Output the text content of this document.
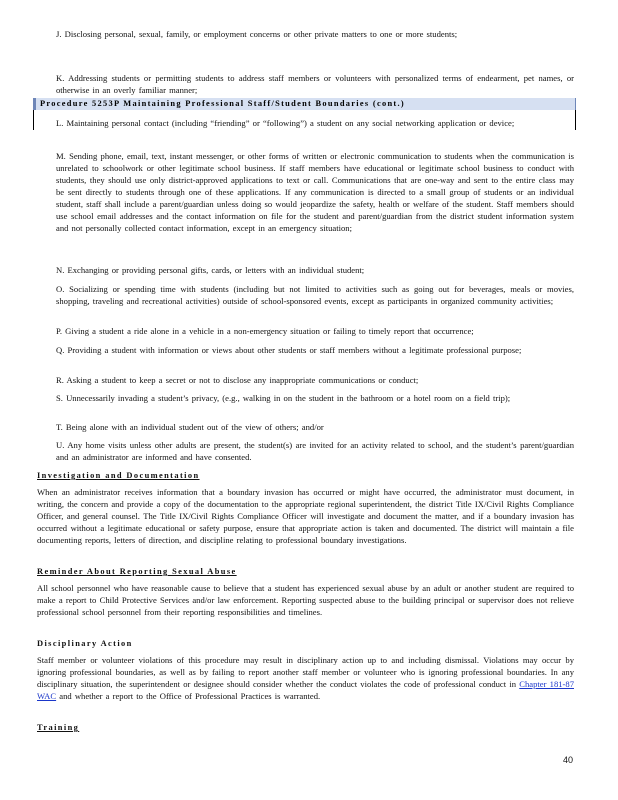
J. Disclosing personal, sexual, family, or employment concerns or other private matters to one or more students;

K. Addressing students or permitting students to address staff members or volunteers with personalized terms of endearment, pet names, or otherwise in an overly familiar manner;

Procedure 5253P Maintaining Professional Staff/Student Boundaries (cont.)

L. Maintaining personal contact (including “friending” or “following”) a student on any social networking application or device;

M. Sending phone, email, text, instant messenger, or other forms of written or electronic communication to students when the communication is unrelated to schoolwork or other legitimate school business. If staff members have educational or legitimate school business to conduct with students, they should use only district-approved applications to text or call. Communications that are one-way and sent to the entire class may be sent directly to students through one of these applications. If any communication is directed to a small group of students or an individual student, staff shall include a parent/guardian unless doing so would jeopardize the safety, health or welfare of the student. Staff members should use school email addresses and the contact information on file for the student and parent/guardian from the district student information system and not personally collected contact information, except in an emergency situation;

N. Exchanging or providing personal gifts, cards, or letters with an individual student;

O. Socializing or spending time with students (including but not limited to activities such as going out for beverages, meals or movies, shopping, traveling and recreational activities) outside of school-sponsored events, except as participants in organized community activities;

P. Giving a student a ride alone in a vehicle in a non-emergency situation or failing to timely report that occurrence;

Q. Providing a student with information or views about other students or staff members without a legitimate professional purpose;

R. Asking a student to keep a secret or not to disclose any inappropriate communications or conduct;

S. Unnecessarily invading a student’s privacy, (e.g., walking in on the student in the bathroom or a hotel room on a field trip);

T. Being alone with an individual student out of the view of others; and/or

U. Any home visits unless other adults are present, the student(s) are invited for an activity related to school, and the student’s parent/guardian and an administrator are informed and have consented.

Investigation and Documentation

When an administrator receives information that a boundary invasion has occurred or might have occurred, the administrator must document, in writing, the concern and provide a copy of the documentation to the appropriate regional superintendent, the district Title IX/Civil Rights Compliance Officer, and general counsel. The Title IX/Civil Rights Compliance Officer will investigate and document the matter, and if a boundary invasion has occurred without a legitimate educational or safety purpose, ensure that appropriate action is taken and documented. The district will maintain a file documenting reports, letters of direction, and discipline relating to professional boundary investigations.

Reminder About Reporting Sexual Abuse

All school personnel who have reasonable cause to believe that a student has experienced sexual abuse by an adult or another student are required to make a report to Child Protective Services and/or law enforcement. Reporting suspected abuse to the building principal or supervisor does not relieve professional school personnel from their reporting responsibilities and timelines.

Disciplinary Action

Staff member or volunteer violations of this procedure may result in disciplinary action up to and including dismissal. Violations may occur by ignoring professional boundaries, as well as by failing to report another staff member or volunteer who is ignoring professional boundaries. In any disciplinary situation, the superintendent or designee should consider whether the conduct violates the code of professional conduct in Chapter 181-87 WAC and whether a report to the Office of Professional Practices is warranted.

Training

40
